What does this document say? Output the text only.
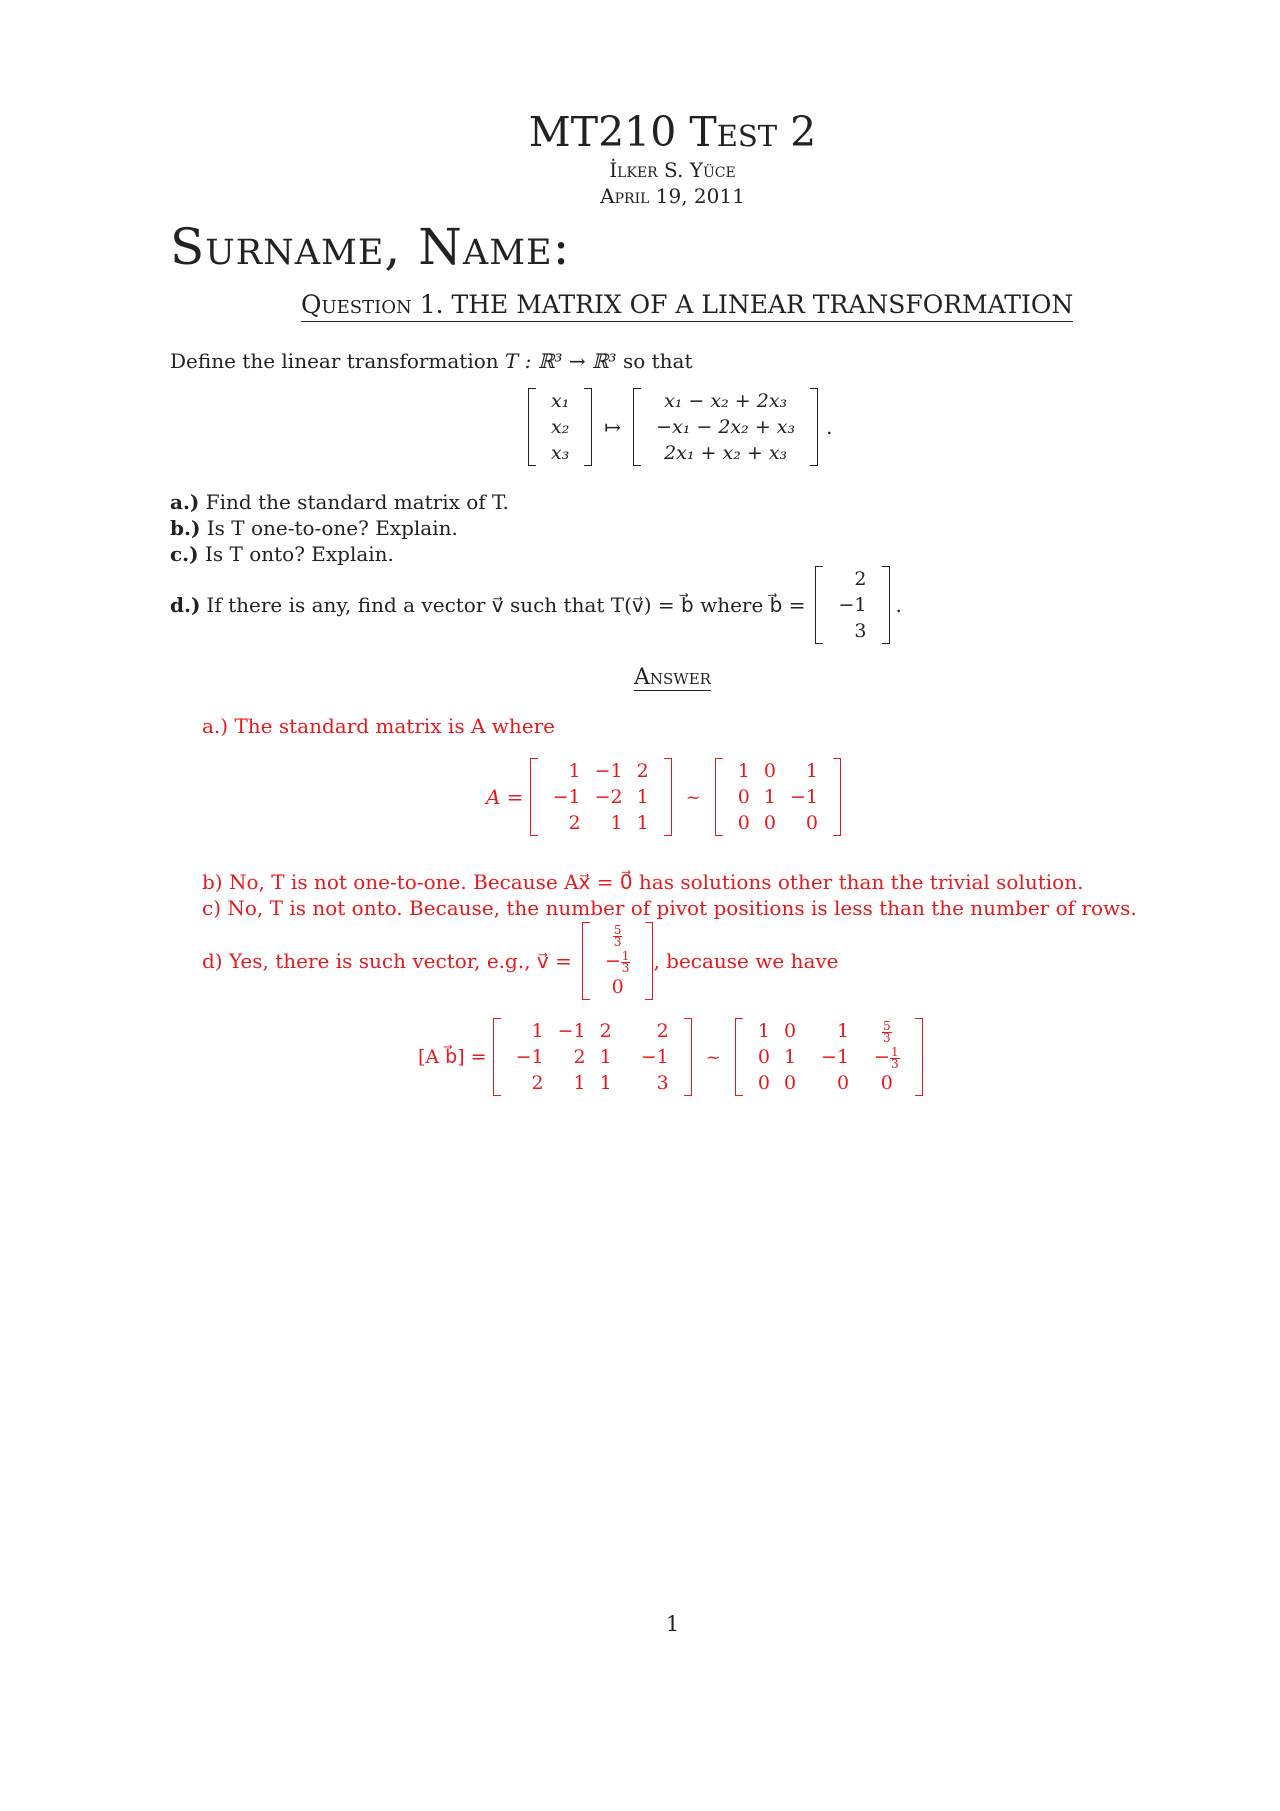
MT210 Test 2
İlker S. Yüce
April 19, 2011
Surname, Name:
Question 1. THE MATRIX OF A LINEAR TRANSFORMATION
Define the linear transformation T : ℝ³ → ℝ³ so that
x₁
x₂
x₃
↦
x₁ − x₂ + 2x₃
−x₁ − 2x₂ + x₃
2x₁ + x₂ + x₃
.
a.) Find the standard matrix of T.
b.) Is T one-to-one? Explain.
c.) Is T onto? Explain.
d.) If there is any, find a vector v⃗ such that T(v⃗) = b⃗ where b⃗ =
2
−1
3
.
Answer
a.) The standard matrix is A where
A =
1	−1	2
−1	−2	1
2	1	1
~
1	0	1
0	1	−1
0	0	0
b) No, T is not one-to-one. Because Ax⃗ = 0⃗ has solutions other than the trivial solution.
c) No, T is not onto. Because, the number of pivot positions is less than the number of rows.
d) Yes, there is such vector, e.g., v⃗ =
$\frac{5}{3}$

− $\frac{1}{3}$

0
, because we have
[A b⃗] =
1	−1	2	2
−1	2	1	−1
2	1	1	3
~
1	0	1	$\frac{5}{3}$

0	1	−1	− $\frac{1}{3}$

0	0	0	0
1
